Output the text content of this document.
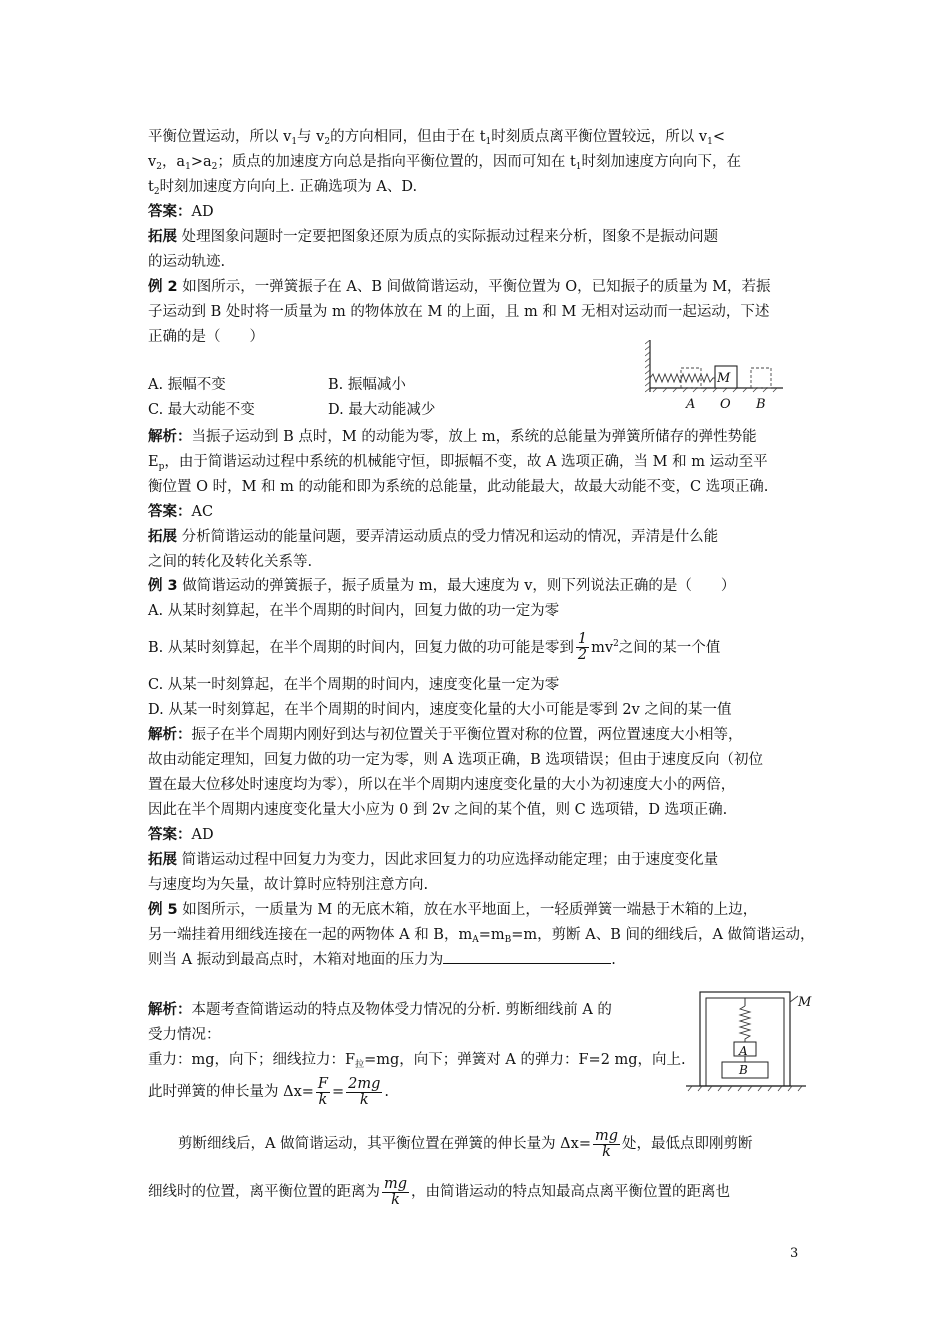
平衡位置运动，所以 $v_1$与 $v_2$的方向相同，但由于在 $t_1$时刻质点离平衡位置较远，所以 $v_1<$
$v_2$，$a_1>a_2$；质点的加速度方向总是指向平衡位置的，因而可知在 $t_1$时刻加速度方向向下，在
$t_2$时刻加速度方向向上. 正确选项为 A、D.
答案：AD
拓展 处理图象问题时一定要把图象还原为质点的实际振动过程来分析，图象不是振动问题
的运动轨迹.
例 2 如图所示，一弹簧振子在 A、B 间做简谐运动，平衡位置为 O，已知振子的质量为 M，若振
子运动到 B 处时将一质量为 m 的物体放在 M 的上面，且 m 和 M 无相对运动而一起运动，下述
正确的是（　　）
M
A O B
A. 振幅不变	B. 振幅减小
C. 最大动能不变	D. 最大动能减少
解析：当振子运动到 B 点时，M 的动能为零，放上 m，系统的总能量为弹簧所储存的弹性势能
$E_p$，由于简谐运动过程中系统的机械能守恒，即振幅不变，故 A 选项正确，当 M 和 m 运动至平
衡位置 O 时，M 和 m 的动能和即为系统的总能量，此动能最大，故最大动能不变，C 选项正确.
答案：AC
拓展 分析简谐运动的能量问题，要弄清运动质点的受力情况和运动的情况，弄清是什么能
之间的转化及转化关系等.
例 3 做简谐运动的弹簧振子，振子质量为 m，最大速度为 v，则下列说法正确的是（　　）
A. 从某时刻算起，在半个周期的时间内，回复力做的功一定为零
B. 从某时刻算起，在半个周期的时间内，回复力做的功可能是零到 $\frac{1}{2} mv^2$之间的某一个值
C. 从某一时刻算起，在半个周期的时间内，速度变化量一定为零
D. 从某一时刻算起，在半个周期的时间内，速度变化量的大小可能是零到 2v 之间的某一值
解析：振子在半个周期内刚好到达与初位置关于平衡位置对称的位置，两位置速度大小相等，
故由动能定理知，回复力做的功一定为零，则 A 选项正确，B 选项错误；但由于速度反向（初位
置在最大位移处时速度均为零），所以在半个周期内速度变化量的大小为初速度大小的两倍，
因此在半个周期内速度变化量大小应为 0 到 2v 之间的某个值，则 C 选项错，D 选项正确.
答案：AD
拓展 简谐运动过程中回复力为变力，因此求回复力的功应选择动能定理；由于速度变化量
与速度均为矢量，故计算时应特别注意方向.
例 5 如图所示，一质量为 M 的无底木箱，放在水平地面上，一轻质弹簧一端悬于木箱的上边，
另一端挂着用细线连接在一起的两物体 A 和 B，$m_A=m_B=m$，剪断 A、B 间的细线后，A 做简谐运动，
则当 A 振动到最高点时，木箱对地面的压力为	.
M
A
B
解析：本题考查简谐运动的特点及物体受力情况的分析. 剪断细线前 A 的
受力情况：
重力：mg，向下；细线拉力：$F_拉=mg$，向下；弹簧对 A 的弹力：F=2 mg，向上.
此时弹簧的伸长量为 $\Delta x= \frac{F}{k} = \frac{2mg}{k}$ .
剪断细线后，A 做简谐运动，其平衡位置在弹簧的伸长量为 $\Delta x= \frac{mg}{k}$ 处，最低点即刚剪断
细线时的位置，离平衡位置的距离为 $\frac{mg}{k}$ ，由简谐运动的特点知最高点离平衡位置的距离也
3
